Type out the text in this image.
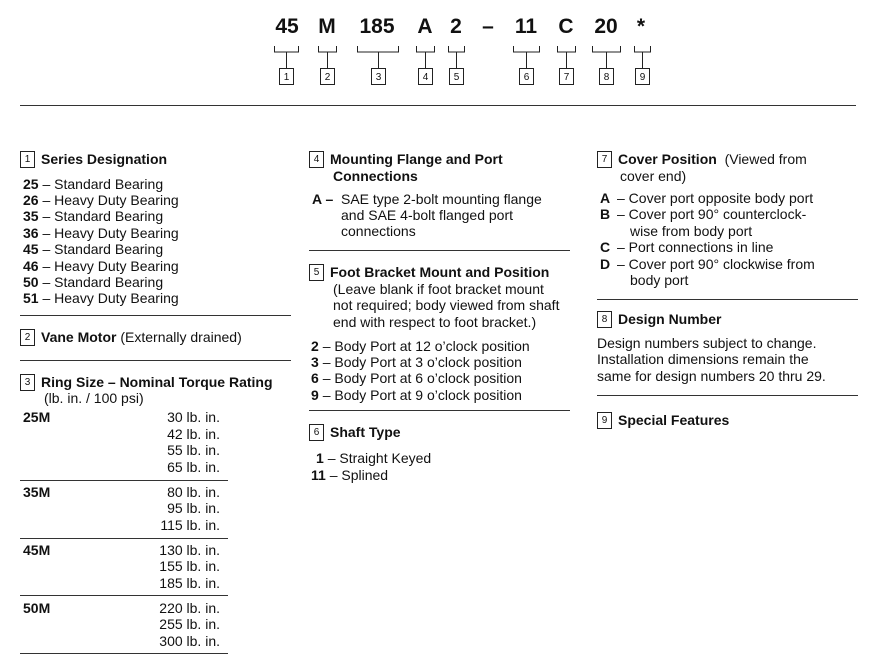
45 M 185 A 2 – 11 C 20 *
1	2	3	4	5	6	7	8	9
1 Series Designation
25 – Standard Bearing
26 – Heavy Duty Bearing
35 – Standard Bearing
36 – Heavy Duty Bearing
45 – Standard Bearing
46 – Heavy Duty Bearing
50 – Standard Bearing
51 – Heavy Duty Bearing
2 Vane Motor (Externally drained)
3 Ring Size – Nominal Torque Rating
(lb. in. / 100 psi)
25M	30 lb. in.
42 lb. in.
55 lb. in.
65 lb. in.
35M	80 lb. in.
95 lb. in.
115 lb. in.
45M	130 lb. in.
155 lb. in.
185 lb. in.
50M	220 lb. in.
255 lb. in.
300 lb. in.
4 Mounting Flange and Port
Connections
A – SAE type 2-bolt mounting flange
and SAE 4-bolt flanged port
connections
5 Foot Bracket Mount and Position
(Leave blank if foot bracket mount
not required; body viewed from shaft
end with respect to foot bracket.)
2 – Body Port at 12 o’clock position
3 – Body Port at 3 o’clock position
6 – Body Port at 6 o’clock position
9 – Body Port at 9 o’clock position
6 Shaft Type
1 – Straight Keyed
11 – Splined
7 Cover Position (Viewed from
cover end)
A – Cover port opposite body port
B – Cover port 90° counterclock-
wise from body port
C – Port connections in line
D – Cover port 90° clockwise from
body port
8 Design Number
Design numbers subject to change.
Installation dimensions remain the
same for design numbers 20 thru 29.
9 Special Features
